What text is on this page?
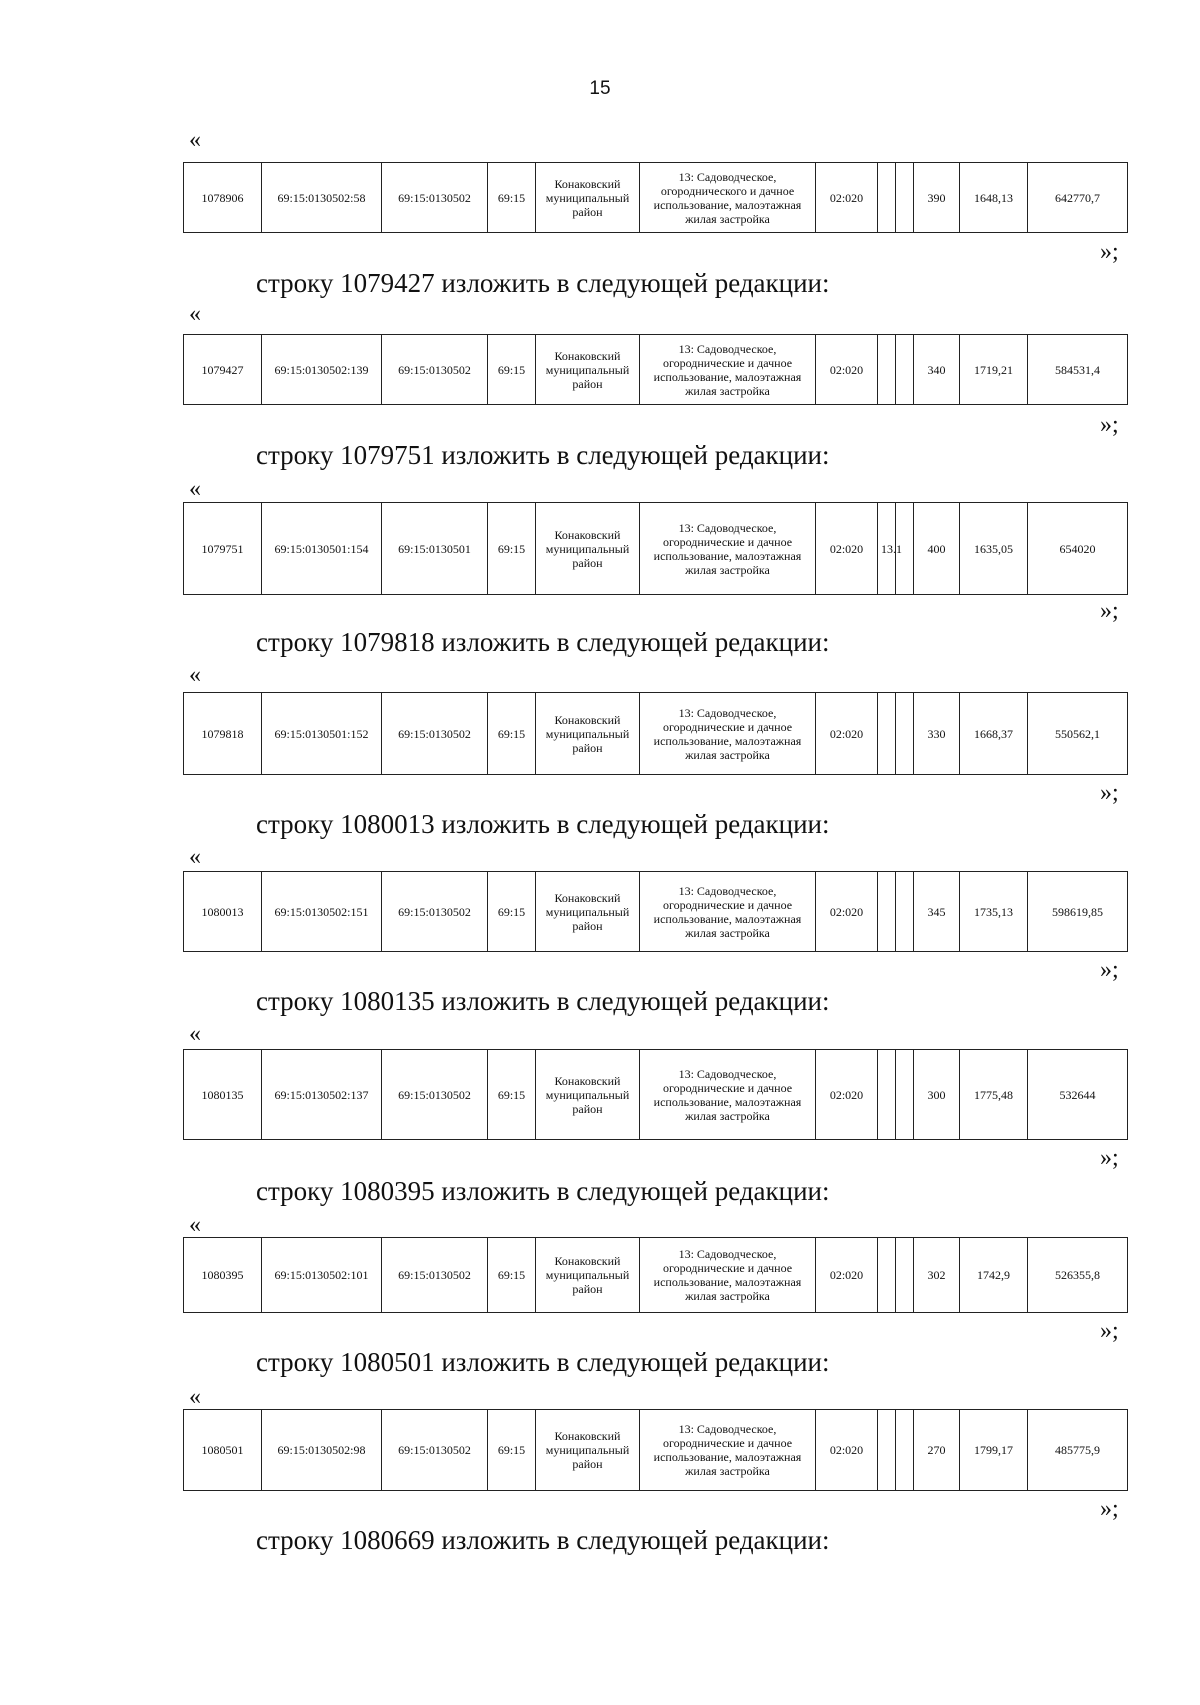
15
«
1078906	69:15:0130502:58	69:15:0130502	69:15	Конаковский муниципальный район	13: Садоводческое, огороднического и дачное использование, малоэтажная жилая застройка	02:020			390	1648,13	642770,7
»;
строку 1079427 изложить в следующей редакции:
«
1079427	69:15:0130502:139	69:15:0130502	69:15	Конаковский муниципальный район	13: Садоводческое, огороднические и дачное использование, малоэтажная жилая застройка	02:020			340	1719,21	584531,4
»;
строку 1079751 изложить в следующей редакции:
«
1079751	69:15:0130501:154	69:15:0130501	69:15	Конаковский муниципальный район	13: Садоводческое, огороднические и дачное использование, малоэтажная жилая застройка	02:020	13.1		400	1635,05	654020
»;
строку 1079818 изложить в следующей редакции:
«
1079818	69:15:0130501:152	69:15:0130502	69:15	Конаковский муниципальный район	13: Садоводческое, огороднические и дачное использование, малоэтажная жилая застройка	02:020			330	1668,37	550562,1
»;
строку 1080013 изложить в следующей редакции:
«
1080013	69:15:0130502:151	69:15:0130502	69:15	Конаковский муниципальный район	13: Садоводческое, огороднические и дачное использование, малоэтажная жилая застройка	02:020			345	1735,13	598619,85
»;
строку 1080135 изложить в следующей редакции:
«
1080135	69:15:0130502:137	69:15:0130502	69:15	Конаковский муниципальный район	13: Садоводческое, огороднические и дачное использование, малоэтажная жилая застройка	02:020			300	1775,48	532644
»;
строку 1080395 изложить в следующей редакции:
«
1080395	69:15:0130502:101	69:15:0130502	69:15	Конаковский муниципальный район	13: Садоводческое, огороднические и дачное использование, малоэтажная жилая застройка	02:020			302	1742,9	526355,8
»;
строку 1080501 изложить в следующей редакции:
«
1080501	69:15:0130502:98	69:15:0130502	69:15	Конаковский муниципальный район	13: Садоводческое, огороднические и дачное использование, малоэтажная жилая застройка	02:020			270	1799,17	485775,9
»;
строку 1080669 изложить в следующей редакции:
